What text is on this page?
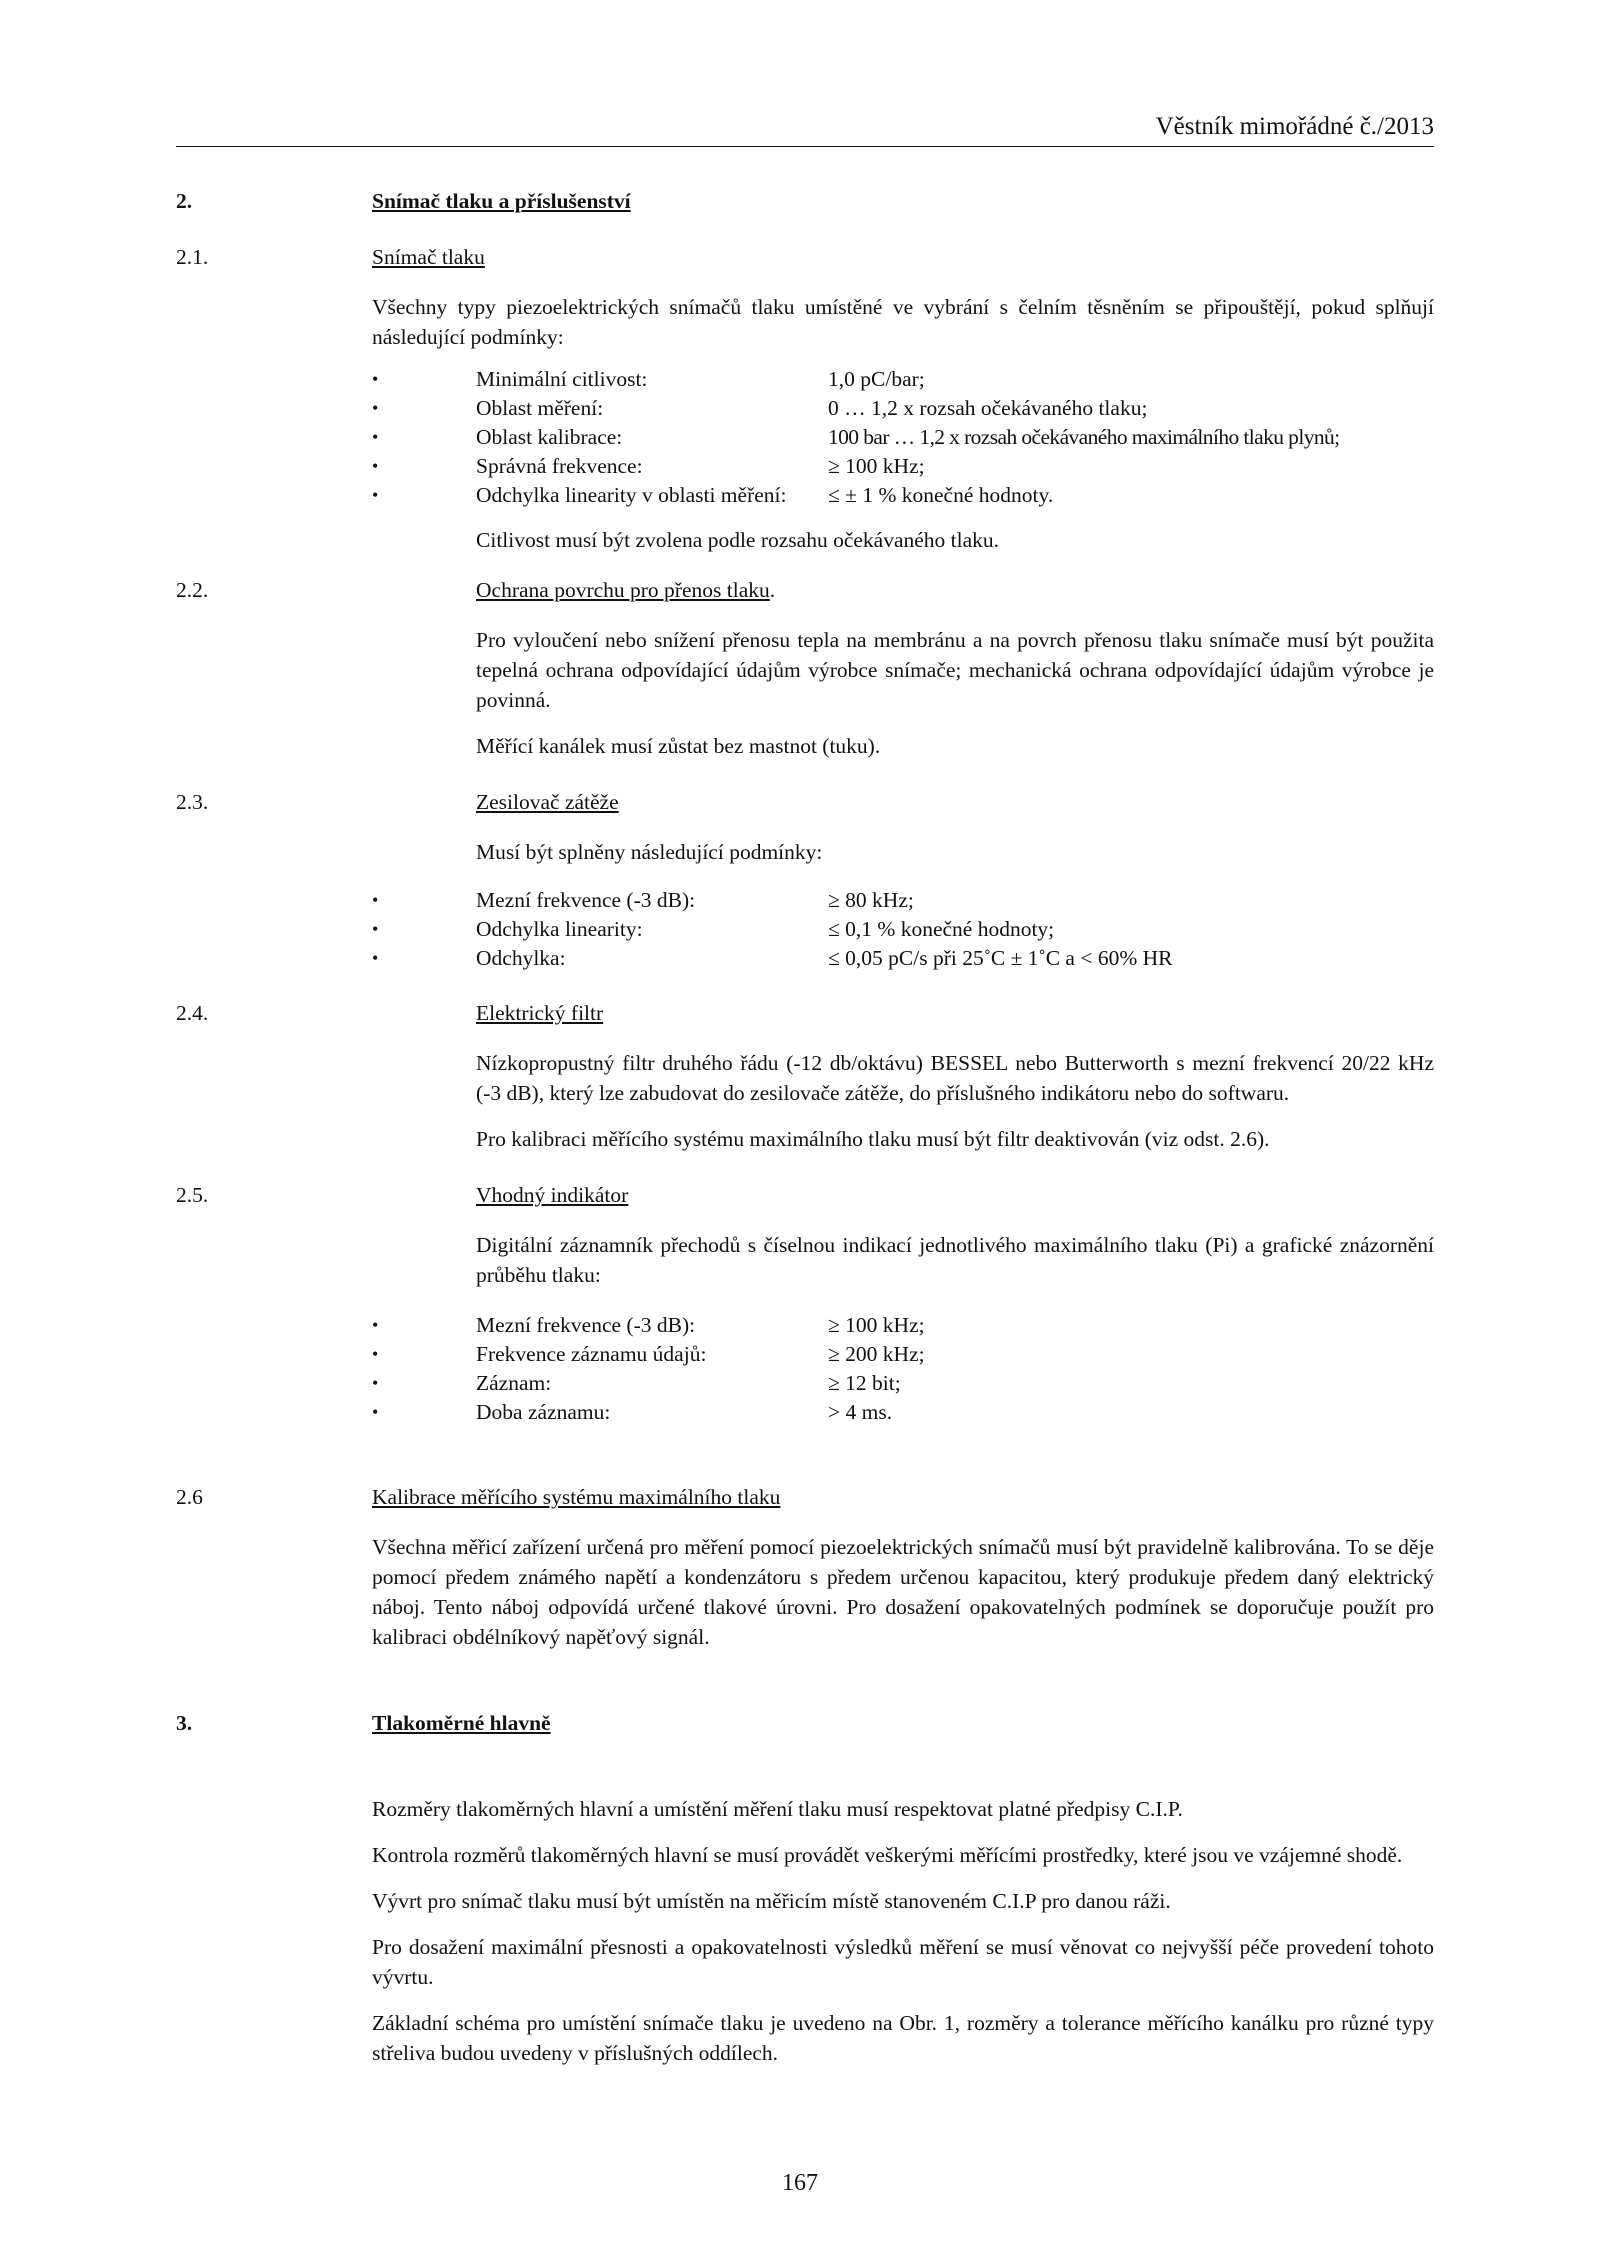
Věstník mimořádné č./2013
2.	Snímač tlaku a příslušenství
2.1.	Snímač tlaku

Všechny typy piezoelektrických snímačů tlaku umístěné ve vybrání s čelním těsněním se připouštějí, pokud splňují následující podmínky:

•	Minimální citlivost:	1,0 pC/bar;
•	Oblast měření:	0 … 1,2 x rozsah očekávaného tlaku;
•	Oblast kalibrace:	100 bar … 1,2 x rozsah očekávaného maximálního tlaku plynů;
•	Správná frekvence:	≥ 100 kHz;
•	Odchylka linearity v oblasti měření: ≤ ± 1 % konečné hodnoty.

Citlivost musí být zvolena podle rozsahu očekávaného tlaku.

2.2.	Ochrana povrchu pro přenos tlaku.

Pro vyloučení nebo snížení přenosu tepla na membránu a na povrch přenosu tlaku snímače musí být použita tepelná ochrana odpovídající údajům výrobce snímače; mechanická ochrana odpovídající údajům výrobce je povinná.

Měřící kanálek musí zůstat bez mastnot (tuku).

2.3.	Zesilovač zátěže

Musí být splněny následující podmínky:

•	Mezní frekvence (-3 dB):	≥ 80 kHz;
•	Odchylka linearity:	≤ 0,1 % konečné hodnoty;
•	Odchylka:	≤ 0,05 pC/s při 25˚C ± 1˚C a < 60% HR
2.4.	Elektrický filtr

Nízkopropustný filtr druhého řádu (-12 db/oktávu) BESSEL nebo Butterworth s mezní frekvencí 20/22 kHz (-3 dB), který lze zabudovat do zesilovače zátěže, do příslušného indikátoru nebo do softwaru.

Pro kalibraci měřícího systému maximálního tlaku musí být filtr deaktivován (viz odst. 2.6).

2.5.	Vhodný indikátor

Digitální záznamník přechodů s číselnou indikací jednotlivého maximálního tlaku (Pi) a grafické znázornění průběhu tlaku:

•	Mezní frekvence (-3 dB):	≥ 100 kHz;
•	Frekvence záznamu údajů:	≥ 200 kHz;
•	Záznam:	≥ 12 bit;
•	Doba záznamu:	> 4 ms.
2.6	Kalibrace měřícího systému maximálního tlaku

Všechna měřicí zařízení určená pro měření pomocí piezoelektrických snímačů musí být pravidelně kalibrována. To se děje pomocí předem známého napětí a kondenzátoru s předem určenou kapacitou, který produkuje předem daný elektrický náboj. Tento náboj odpovídá určené tlakové úrovni. Pro dosažení opakovatelných podmínek se doporučuje použít pro kalibraci obdélníkový napěťový signál.

3.	Tlakoměrné hlavně

Rozměry tlakoměrných hlavní a umístění měření tlaku musí respektovat platné předpisy C.I.P.

Kontrola rozměrů tlakoměrných hlavní se musí provádět veškerými měřícími prostředky, které jsou ve vzájemné shodě.

Vývrt pro snímač tlaku musí být umístěn na měřicím místě stanoveném C.I.P pro danou ráži.

Pro dosažení maximální přesnosti a opakovatelnosti výsledků měření se musí věnovat co nejvyšší péče provedení tohoto vývrtu.

Základní schéma pro umístění snímače tlaku je uvedeno na Obr. 1, rozměry a tolerance měřícího kanálku pro různé typy střeliva budou uvedeny v příslušných oddílech.

167
